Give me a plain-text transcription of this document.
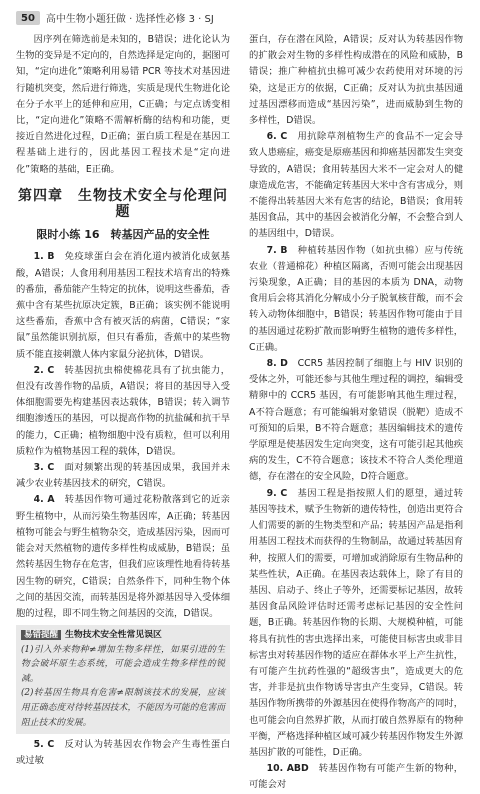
50	高中生物小题狂做 · 选择性必修 3 · SJ

因序列在筛选前是未知的，B错误；进化论认为生物的变异是不定向的，自然选择是定向的，据图可知，“定向进化”策略利用易错 PCR 等技术对基因进行随机突变，然后进行筛选，实质是现代生物进化论在分子水平上的延伸和应用，C正确；与定点诱变相比，“定向进化”策略不需解析酶的结构和功能，更接近自然进化过程，D正确；蛋白质工程是在基因工程基础上进行的，因此基因工程技术是“定向进化”策略的基础，E正确。

第四章　生物技术安全与伦理问题
限时小练 16　转基因产品的安全性

1. B　 免疫球蛋白会在消化道内被消化成氨基酸，A错误；人食用利用基因工程技术培育出的特殊的番茄，番茄能产生特定的抗体，说明这些番茄，香蕉中含有某些抗原决定簇，B正确；该实例不能说明这些番茄，香蕉中含有被灭活的病菌，C错误；“家鼠”虽然能识别抗原，但只有番茄，香蕉中的某些物质不能直接刺激人体内家鼠分泌抗体，D错误。

2. C　 转基因抗虫棉使棉花具有了抗虫能力，但没有改善作物的品质，A错误；将目的基因导入受体细胞需要先构建基因表达载体，B错误；转入调节细胞渗透压的基因，可以提高作物的抗盐碱和抗干旱的能力，C正确；植物细胞中没有质粒，但可以利用质粒作为植物基因工程的载体，D错误。

3. C　 面对频繁出现的转基因成果，我国并未减少农业转基因技术的研究，C错误。

4. A　 转基因作物可通过花粉散落到它的近亲野生植物中，从而污染生物基因库，A正确；转基因植物可能会与野生植物杂交，造成基因污染，因而可能会对天然植物的遗传多样性构成威胁，B错误；虽然转基因生物存在危害，但我们应该理性地看待转基因生物的研究，C错误；自然条件下，同种生物个体之间的基因交流，而转基因是将外源基因导入受体细胞的过程，即不同生物之间基因的交流，D错误。

易错提醒 生物技术安全性常见误区

(1)引入外来物种≠增加生物多样性，如果引进的生物会破坏原生态系统，可能会造成生物多样性的锐减。

(2)转基因生物具有危害≠限制该技术的发展，应该用正确态度对待转基因技术，不能因为可能的危害而阻止技术的发展。

5. C　 反对认为转基因农作物会产生毒性蛋白或过敏

蛋白，存在潜在风险，A错误；反对认为转基因作物的扩散会对生物的多样性构成潜在的风险和威胁，B错误；推广种植抗虫棉可减少农药使用对环境的污染，这是正方的依据，C正确；反对认为抗虫基因通过基因漂移而造成“基因污染”，进而威胁到生物的多样性，D错误。

6. C　 用抗除草剂植物生产的食品不一定会导致人患癌症，癌变是原癌基因和抑癌基因都发生突变导致的，A错误；食用转基因大米不一定会对人的健康造成危害，不能确定转基因大米中含有害成分，则不能得出转基因大米有危害的结论，B错误；食用转基因食品，其中的基因会被消化分解，不会整合到人的基因组中，D错误。

7. B　 种植转基因作物（如抗虫棉）应与传统农业（普通棉花）种植区隔离，否则可能会出现基因污染现象，A正确；目的基因的本质为 DNA，动物食用后会将其消化分解成小分子脱氧核苷酸，而不会转入动物体细胞中，B错误；转基因作物可能由于目的基因通过花粉扩散而影响野生植物的遗传多样性，C正确。

8. D　 CCR5 基因控制了细胞上与 HIV 识别的受体之外，可能还参与其他生理过程的调控，编辑受精卵中的 CCR5 基因，有可能影响其他生理过程，A不符合题意；有可能编辑对象错误（脱靶）造成不可预知的后果，B不符合题意；基因编辑技术的遗传学原理是使基因发生定向突变，这有可能引起其他疾病的发生，C不符合题意；该技术不符合人类伦理道德，存在潜在的安全风险，D符合题意。

9. C　 基因工程是指按照人们的愿望，通过转基因等技术，赋予生物新的遗传特性，创造出更符合人们需要的新的生物类型和产品；转基因产品是指利用基因工程技术而获得的生物制品，故通过转基因育种，按照人们的需要，可增加或消除原有生物品种的某些性状，A正确。在基因表达载体上，除了有目的基因、启动子、终止子等外，还需要标记基因，故转基因食品风险评估时还需考虑标记基因的安全性问题，B正确。转基因作物的长期、大规模种植，可能将具有抗性的害虫选择出来，可能使目标害虫或非目标害虫对转基因作物的适应在群体水平上产生抗性，有可能产生抗药性强的“超级害虫”，造成更大的危害，并非是抗虫作物诱导害虫产生变异，C错误。转基因作物所携带的外源基因在使得作物高产的同时，也可能会向自然界扩散，从而打破自然界原有的物种平衡，严格选择种植区域可减少转基因作物发生外源基因扩散的可能性，D正确。

10. ABD　 转基因作物有可能产生新的物种，可能会对
